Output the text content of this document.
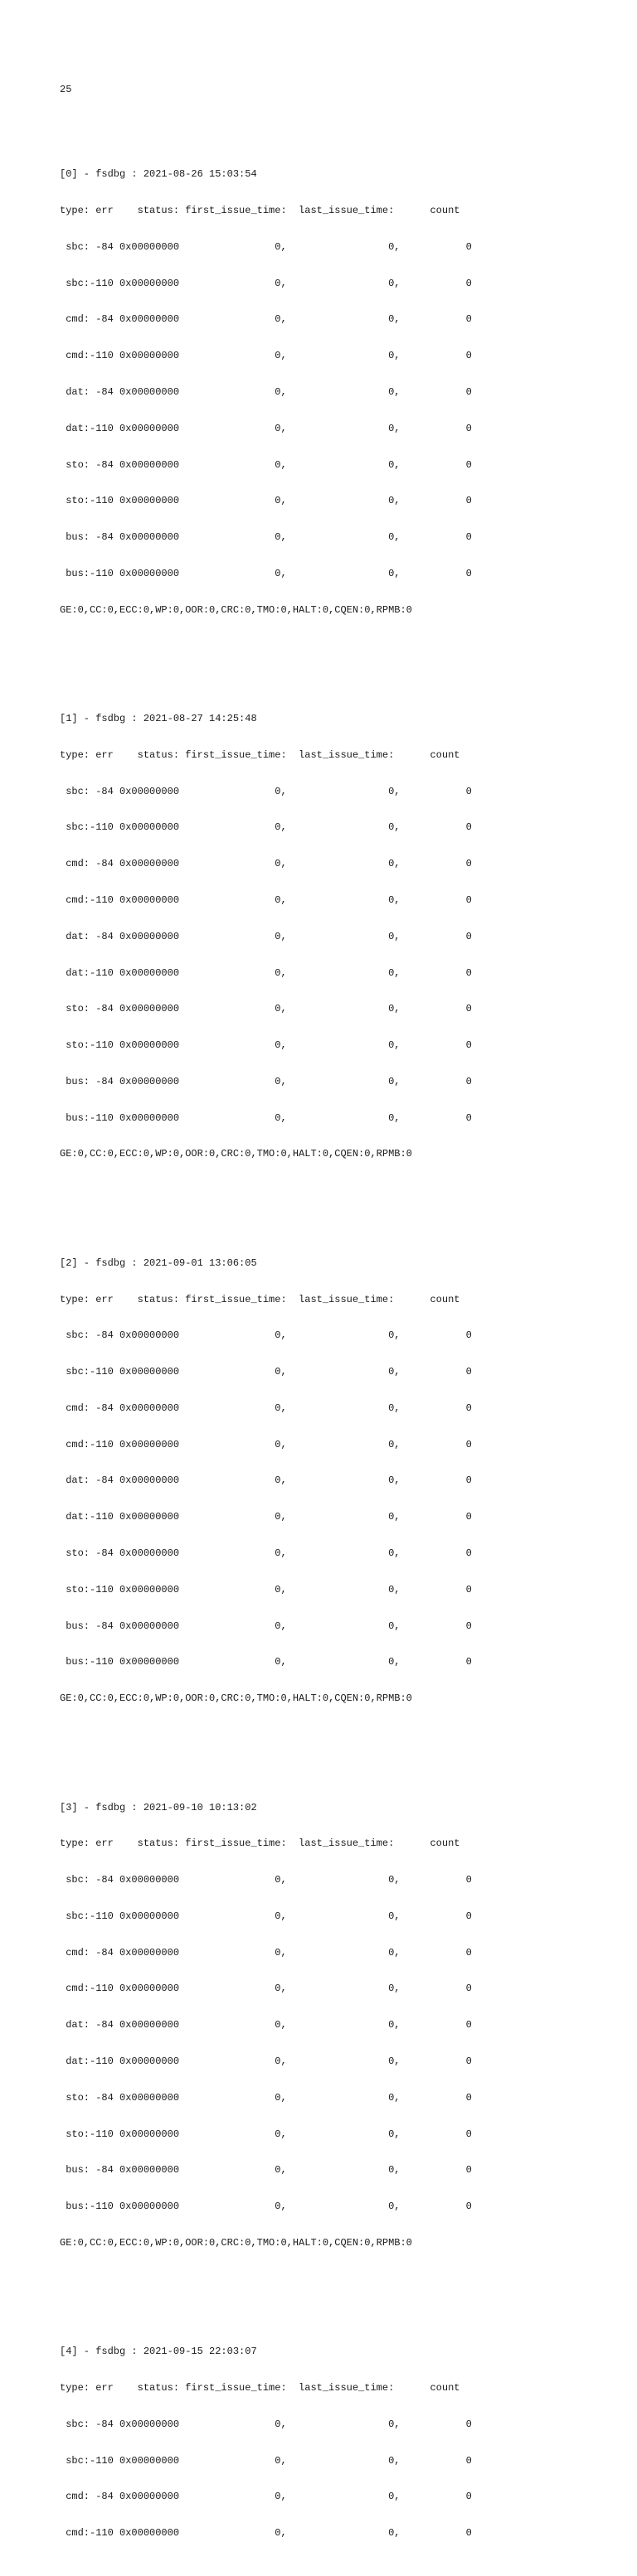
25

[0] - fsdbg : 2021-08-26 15:03:54

type: err    status: first_issue_time:  last_issue_time:      count

sbc: -84 0x00000000                0,                 0,           0

sbc:-110 0x00000000                0,                 0,           0

cmd: -84 0x00000000                0,                 0,           0

cmd:-110 0x00000000                0,                 0,           0

dat: -84 0x00000000                0,                 0,           0

dat:-110 0x00000000                0,                 0,           0

sto: -84 0x00000000                0,                 0,           0

sto:-110 0x00000000                0,                 0,           0

bus: -84 0x00000000                0,                 0,           0

bus:-110 0x00000000                0,                 0,           0

GE:0,CC:0,ECC:0,WP:0,OOR:0,CRC:0,TMO:0,HALT:0,CQEN:0,RPMB:0

[1] - fsdbg : 2021-08-27 14:25:48

type: err    status: first_issue_time:  last_issue_time:      count

sbc: -84 0x00000000                0,                 0,           0

sbc:-110 0x00000000                0,                 0,           0

cmd: -84 0x00000000                0,                 0,           0

cmd:-110 0x00000000                0,                 0,           0

dat: -84 0x00000000                0,                 0,           0

dat:-110 0x00000000                0,                 0,           0

sto: -84 0x00000000                0,                 0,           0

sto:-110 0x00000000                0,                 0,           0

bus: -84 0x00000000                0,                 0,           0

bus:-110 0x00000000                0,                 0,           0

GE:0,CC:0,ECC:0,WP:0,OOR:0,CRC:0,TMO:0,HALT:0,CQEN:0,RPMB:0

[2] - fsdbg : 2021-09-01 13:06:05

type: err    status: first_issue_time:  last_issue_time:      count

sbc: -84 0x00000000                0,                 0,           0

sbc:-110 0x00000000                0,                 0,           0

cmd: -84 0x00000000                0,                 0,           0

cmd:-110 0x00000000                0,                 0,           0

dat: -84 0x00000000                0,                 0,           0

dat:-110 0x00000000                0,                 0,           0

sto: -84 0x00000000                0,                 0,           0

sto:-110 0x00000000                0,                 0,           0

bus: -84 0x00000000                0,                 0,           0

bus:-110 0x00000000                0,                 0,           0

GE:0,CC:0,ECC:0,WP:0,OOR:0,CRC:0,TMO:0,HALT:0,CQEN:0,RPMB:0

[3] - fsdbg : 2021-09-10 10:13:02

type: err    status: first_issue_time:  last_issue_time:      count

sbc: -84 0x00000000                0,                 0,           0

sbc:-110 0x00000000                0,                 0,           0

cmd: -84 0x00000000                0,                 0,           0

cmd:-110 0x00000000                0,                 0,           0

dat: -84 0x00000000                0,                 0,           0

dat:-110 0x00000000                0,                 0,           0

sto: -84 0x00000000                0,                 0,           0

sto:-110 0x00000000                0,                 0,           0

bus: -84 0x00000000                0,                 0,           0

bus:-110 0x00000000                0,                 0,           0

GE:0,CC:0,ECC:0,WP:0,OOR:0,CRC:0,TMO:0,HALT:0,CQEN:0,RPMB:0

[4] - fsdbg : 2021-09-15 22:03:07

type: err    status: first_issue_time:  last_issue_time:      count

sbc: -84 0x00000000                0,                 0,           0

sbc:-110 0x00000000                0,                 0,           0

cmd: -84 0x00000000                0,                 0,           0

cmd:-110 0x00000000                0,                 0,           0
